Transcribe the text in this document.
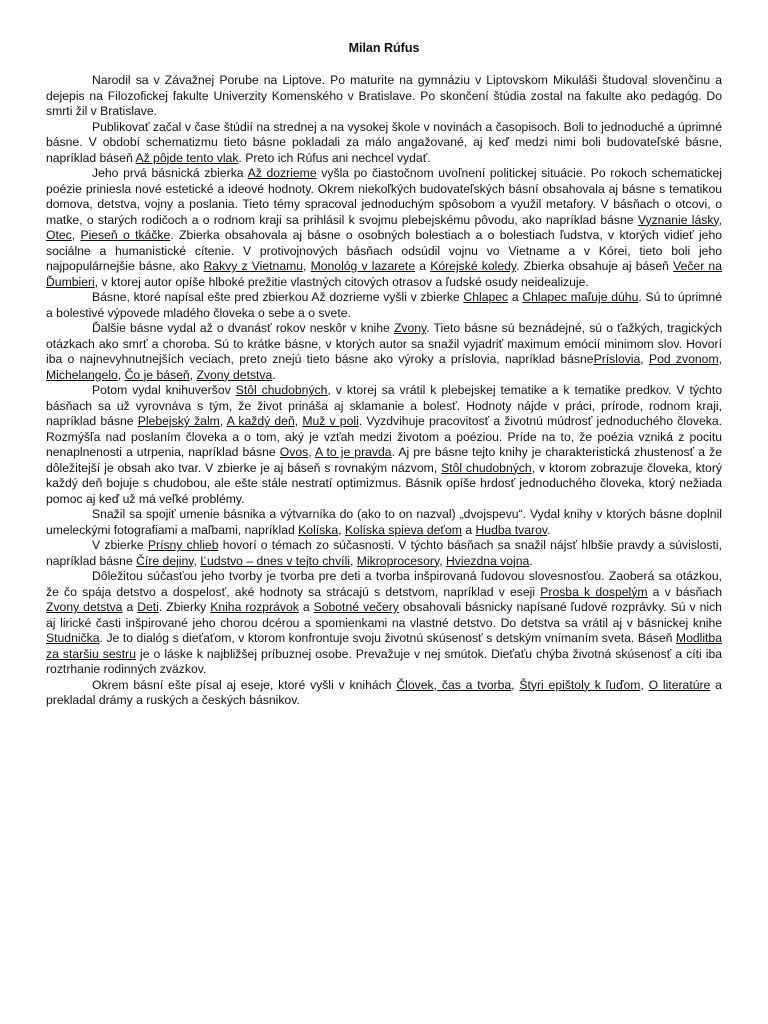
Milan Rúfus

Narodil sa v Závažnej Porube na Liptove. Po maturite na gymnáziu v Liptovskom Mikuláši študoval slovenčinu a dejepis na Filozofickej fakulte Univerzity Komenského v Bratislave. Po skončení štúdia zostal na fakulte ako pedagóg. Do smrti žil v Bratislave.

Publikovať začal v čase štúdií na strednej a na vysokej škole v novinách a časopisoch. Boli to jednoduché a úprimné básne. V období schematizmu tieto básne pokladali za málo angažované, aj keď medzi nimi boli budovateľské básne, napríklad báseň Až pôjde tento vlak. Preto ich Rúfus ani nechcel vydať.

Jeho prvá básnická zbierka Až dozrieme vyšla po čiastočnom uvoľnení politickej situácie. Po rokoch schematickej poézie priniesla nové estetické a ideové hodnoty. Okrem niekoľkých budovateľských básní obsahovala aj básne s tematikou domova, detstva, vojny a poslania. Tieto témy spracoval jednoduchým spôsobom a využil metafory. V básňach o otcovi, o matke, o starých rodičoch a o rodnom kraji sa prihlásil k svojmu plebejskému pôvodu, ako napríklad básne Vyznanie lásky, Otec, Pieseň o tkáčke. Zbierka obsahovala aj básne o osobných bolestiach a o bolestiach ľudstva, v ktorých vidieť jeho sociálne a humanistické cítenie. V protivojnových básňach odsúdil vojnu vo Vietname a v Kórei, tieto boli jeho najpopulárnejšie básne, ako Rakvy z Vietnamu, Monológ v lazarete a Kórejské koledy. Zbierka obsahuje aj báseň Večer na Ďumbieri, v ktorej autor opíše hlboké prežitie vlastných citových otrasov a ľudské osudy neidealizuje.

Básne, ktoré napísal ešte pred zbierkou Až dozrieme vyšli v zbierke Chlapec a Chlapec maľuje dúhu. Sú to úprimné a bolestivé výpovede mladého človeka o sebe a o svete.

Ďalšie básne vydal až o dvanásť rokov neskôr v knihe Zvony. Tieto básne sú beznádejné, sú o ťažkých, tragických otázkach ako smrť a choroba. Sú to krátke básne, v ktorých autor sa snažil vyjadriť maximum emócií minimom slov. Hovorí iba o najnevyhnutnejších veciach, preto znejú tieto básne ako výroky a príslovia, napríklad básnePríslovia, Pod zvonom, Michelangelo, Čo je báseň, Zvony detstva.

Potom vydal knihuveršov Stôl chudobných, v ktorej sa vrátil k plebejskej tematike a k tematike predkov. V týchto básňach sa už vyrovnáva s tým, že život prináša aj sklamanie a bolesť. Hodnoty nájde v práci, prírode, rodnom kraji, napríklad básne Plebejský žalm, A každý deň, Muž v poli. Vyzdvihuje pracovitosť a životnú múdrosť jednoduchého človeka. Rozmýšľa nad poslaním človeka a o tom, aký je vzťah medzi životom a poéziou. Príde na to, že poézia vzniká z pocitu nenaplnenosti a utrpenia, napríklad básne Ovos, A to je pravda. Aj pre básne tejto knihy je charakteristická zhustenosť a že dôležitejší je obsah ako tvar. V zbierke je aj báseň s rovnakým názvom, Stôl chudobných, v ktorom zobrazuje človeka, ktorý každý deň bojuje s chudobou, ale ešte stále nestratí optimizmus. Básnik opíše hrdosť jednoduchého človeka, ktorý nežiada pomoc aj keď už má veľké problémy.

Snažil sa spojiť umenie básnika a výtvarníka do (ako to on nazval) „dvojspevu“. Vydal knihy v ktorých básne doplnil umeleckými fotografiami a maľbami, napríklad Kolíska, Kolíska spieva deťom a Hudba tvarov.

V zbierke Prísny chlieb hovorí o témach zo súčasnosti. V týchto básňach sa snažil nájsť hlbšie pravdy a súvislosti, napríklad básne Číre dejiny, Ľudstvo – dnes v tejto chvíli, Mikroprocesory, Hviezdna vojna.

Dôležitou súčasťou jeho tvorby je tvorba pre deti a tvorba inšpirovaná ľudovou slovesnosťou. Zaoberá sa otázkou, že čo spája detstvo a dospelosť, aké hodnoty sa strácajú s detstvom, napríklad v eseji Prosba k dospelým a v básňach Zvony detstva a Deti. Zbierky Kniha rozprávok a Sobotné večery obsahovali básnicky napísané ľudové rozprávky. Sú v nich aj lirické časti inšpirované jeho chorou dcérou a spomienkami na vlastné detstvo. Do detstva sa vrátil aj v básnickej knihe Studnička. Je to dialóg s dieťaťom, v ktorom konfrontuje svoju životnú skúsenosť s detským vnímaním sveta. Báseň Modlitba za staršiu sestru je o láske k najbližšej príbuznej osobe. Prevažuje v nej smútok. Dieťaťu chýba životná skúsenosť a cíti iba roztrhanie rodinných zväzkov.

Okrem básní ešte písal aj eseje, ktoré vyšli v knihách Človek, čas a tvorba, Štyri epištoly k ľuďom, O literatúre a prekladal drámy a ruských a českých básnikov.
